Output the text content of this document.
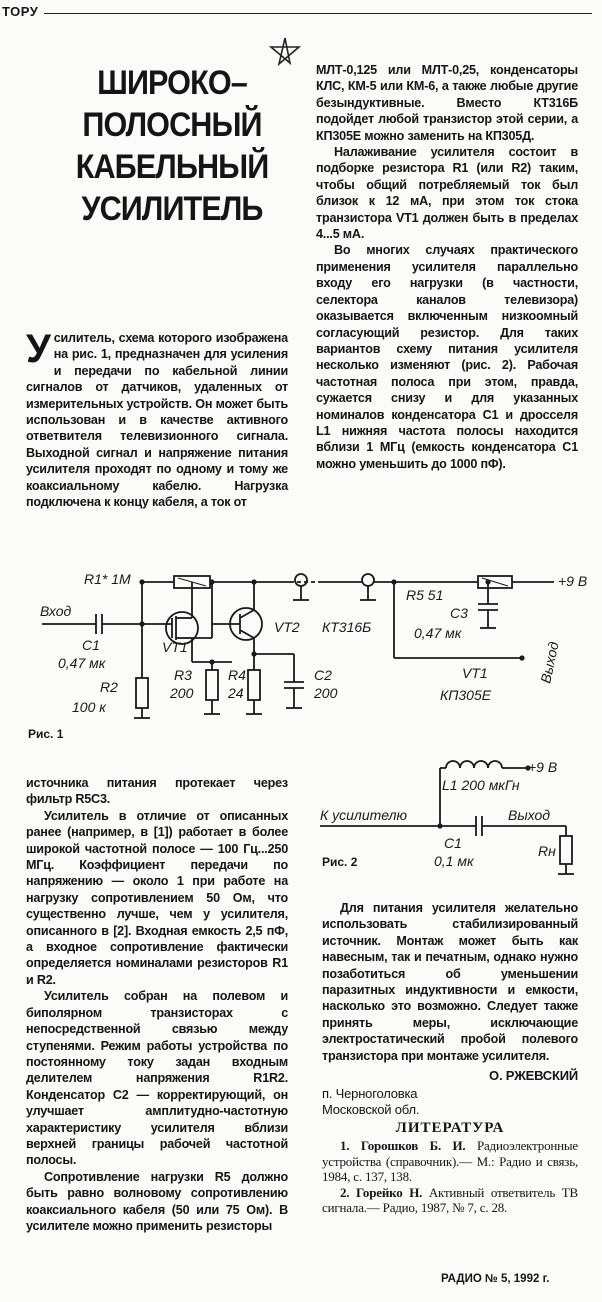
ТОРУ
ШИРОКО–
ПОЛОСНЫЙ
КАБЕЛЬНЫЙ
УСИЛИТЕЛЬ

Усилитель, схема которого изображена на рис. 1, предназначен для усиления и передачи по кабельной линии сигналов от датчиков, удаленных от измерительных устройств. Он может быть использован и в качестве активного ответвителя телевизионного сигнала. Выходной сигнал и напряжение питания усилителя проходят по одному и тому же коаксиальному кабелю. Нагрузка подключена к концу кабеля, а ток от

МЛТ-0,125 или МЛТ-0,25, конденсаторы КЛС, КМ-5 или КМ-6, а также любые другие безындуктивные. Вместо КТ316Б подойдет любой транзистор этой серии, а КП305Е можно заменить на КП305Д.

Налаживание усилителя состоит в подборке резистора R1 (или R2) таким, чтобы общий потребляемый ток был близок к 12 мА, при этом ток стока транзистора VT1 должен быть в пределах 4...5 мА.

Во многих случаях практического применения усилителя параллельно входу его нагрузки (в частности, селектора каналов телевизора) оказывается включенным низкоомный согласующий резистор. Для таких вариантов схему питания усилителя несколько изменяют (рис. 2). Рабочая частотная полоса при этом, правда, сужается снизу и для указанных номиналов конденсатора С1 и дросселя L1 нижняя частота полосы находится вблизи 1 МГц (емкость конденсатора С1 можно уменьшить до 1000 пФ).

R1* 1М
Вход
C1
0,47 мк
VT1
VT2 КТ316Б
R2
100 к
R3
200
R4
24
C2
200
R5 51
C3
0,47 мк
+9 В
Выход
VT1
КП305Е
Рис. 1

источника питания протекает через фильтр R5C3.

Усилитель в отличие от описанных ранее (например, в [1]) работает в более широкой частотной полосе — 100 Гц...250 МГц. Коэффициент передачи по напряжению — около 1 при работе на нагрузку сопротивлением 50 Ом, что существенно лучше, чем у усилителя, описанного в [2]. Входная емкость 2,5 пФ, а входное сопротивление фактически определяется номиналами резисторов R1 и R2.

Усилитель собран на полевом и биполярном транзисторах с непосредственной связью между ступенями. Режим работы устройства по постоянному току задан входным делителем напряжения R1R2. Конденсатор С2 — корректирующий, он улучшает амплитудно-частотную характеристику усилителя вблизи верхней границы рабочей частотной полосы.

Сопротивление нагрузки R5 должно быть равно волновому сопротивлению коаксиального кабеля (50 или 75 Ом). В усилителе можно применить резисторы

+9 В
L1 200 мкГн
К усилителю	Выход
C1
0,1 мк
Rн
Рис. 2

Для питания усилителя желательно использовать стабилизированный источник. Монтаж может быть как навесным, так и печатным, однако нужно позаботиться об уменьшении паразитных индуктивности и емкости, насколько это возможно. Следует также принять меры, исключающие электростатический пробой полевого транзистора при монтаже усилителя.

О. РЖЕВСКИЙ
п. Черноголовка
Московской обл.
ЛИТЕРАТУРА

1. Горошков Б. И. Радиоэлектронные устройства (справочник).— М.: Радио и связь, 1984, с. 137, 138.

2. Горейко Н. Активный ответвитель ТВ сигнала.— Радио, 1987, № 7, с. 28.

РАДИО № 5, 1992 г.
